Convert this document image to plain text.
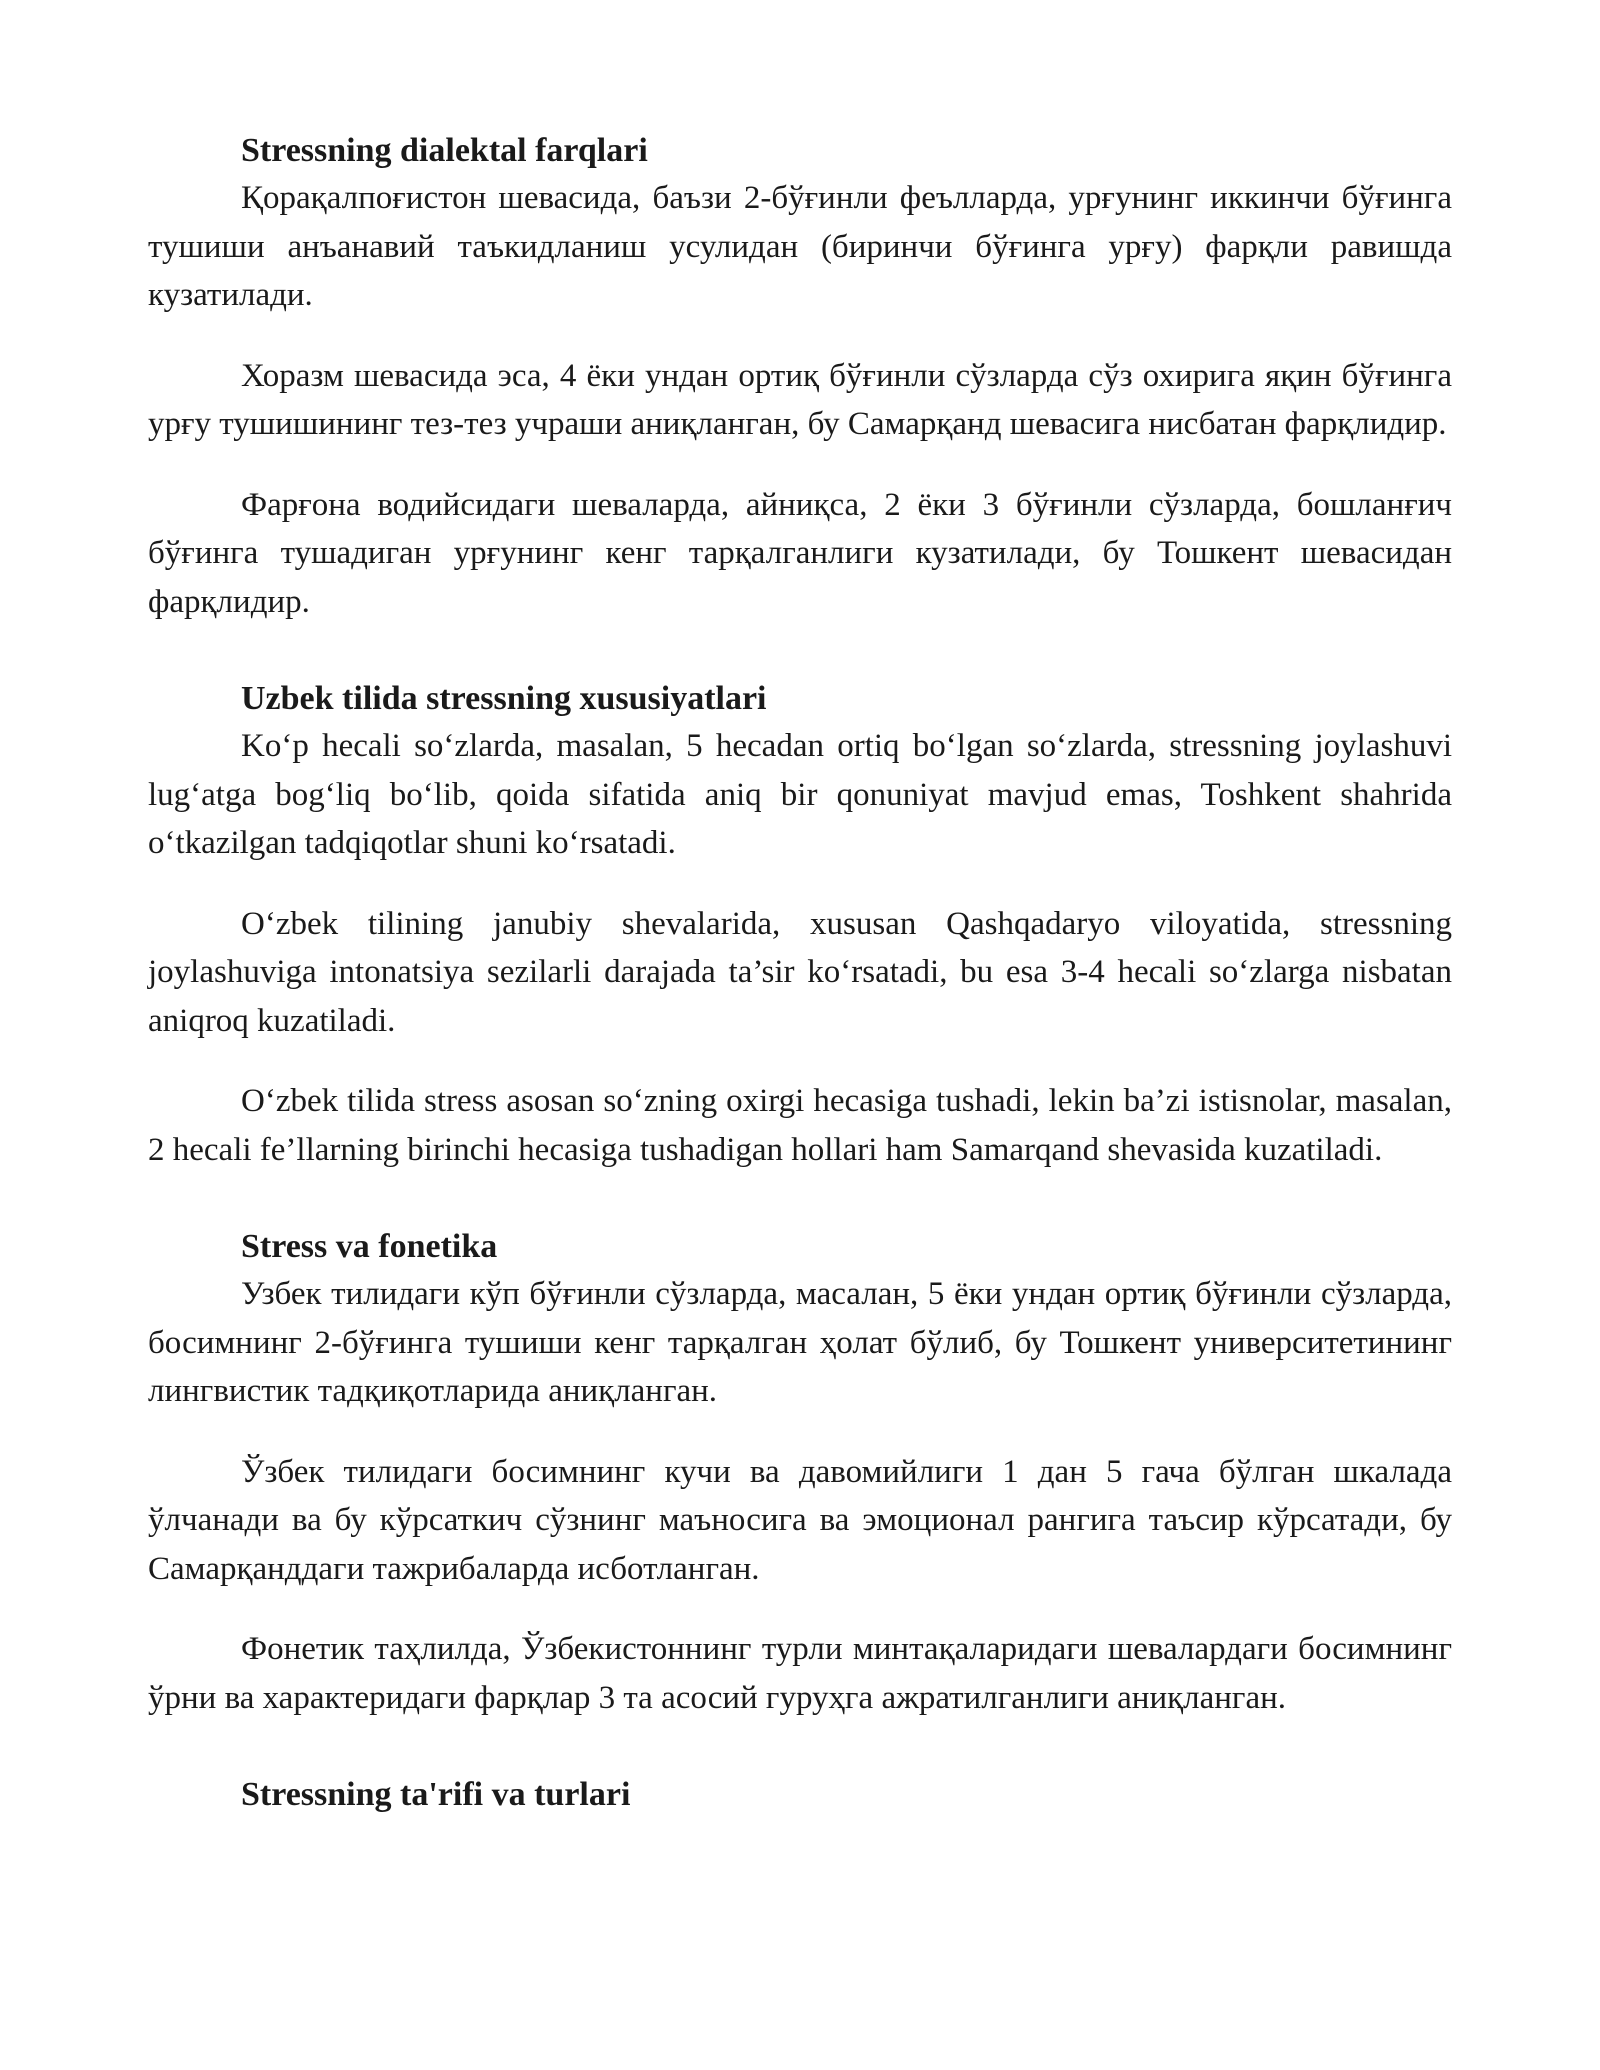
Stressning dialektal farqlari

Қорақалпоғистон шевасида, баъзи 2-бўғинли феълларда, урғунинг иккинчи бўғинга тушиши анъанавий таъкидланиш усулидан (биринчи бўғинга урғу) фарқли равишда кузатилади.

Хоразм шевасида эса, 4 ёки ундан ортиқ бўғинли сўзларда сўз охирига яқин бўғинга урғу тушишининг тез-тез учраши аниқланган, бу Самарқанд шевасига нисбатан фарқлидир.

Фарғона водийсидаги шеваларда, айниқса, 2 ёки 3 бўғинли сўзларда, бошланғич бўғинга тушадиган урғунинг кенг тарқалганлиги кузатилади, бу Тошкент шевасидан фарқлидир.

Uzbek tilida stressning xususiyatlari

Koʻp hecali soʻzlarda, masalan, 5 hecadan ortiq boʻlgan soʻzlarda, stressning joylashuvi lugʻatga bogʻliq boʻlib, qoida sifatida aniq bir qonuniyat mavjud emas, Toshkent shahrida oʻtkazilgan tadqiqotlar shuni koʻrsatadi.

Oʻzbek tilining janubiy shevalarida, xususan Qashqadaryo viloyatida, stressning joylashuviga intonatsiya sezilarli darajada ta’sir koʻrsatadi, bu esa 3-4 hecali soʻzlarga nisbatan aniqroq kuzatiladi.

Oʻzbek tilida stress asosan soʻzning oxirgi hecasiga tushadi, lekin ba’zi istisnolar, masalan, 2 hecali fe’llarning birinchi hecasiga tushadigan hollari ham Samarqand shevasida kuzatiladi.

Stress va fonetika

Узбек тилидаги кўп бўғинли сўзларда, масалан, 5 ёки ундан ортиқ бўғинли сўзларда, босимнинг 2-бўғинга тушиши кенг тарқалган ҳолат бўлиб, бу Тошкент университетининг лингвистик тадқиқотларида аниқланган.

Ўзбек тилидаги босимнинг кучи ва давомийлиги 1 дан 5 гача бўлган шкалада ўлчанади ва бу кўрсаткич сўзнинг маъносига ва эмоционал рангига таъсир кўрсатади, бу Самарқанддаги тажрибаларда исботланган.

Фонетик таҳлилда, Ўзбекистоннинг турли минтақаларидаги шевалардаги босимнинг ўрни ва характеридаги фарқлар 3 та асосий гуруҳга ажратилганлиги аниқланган.

Stressning ta'rifi va turlari
